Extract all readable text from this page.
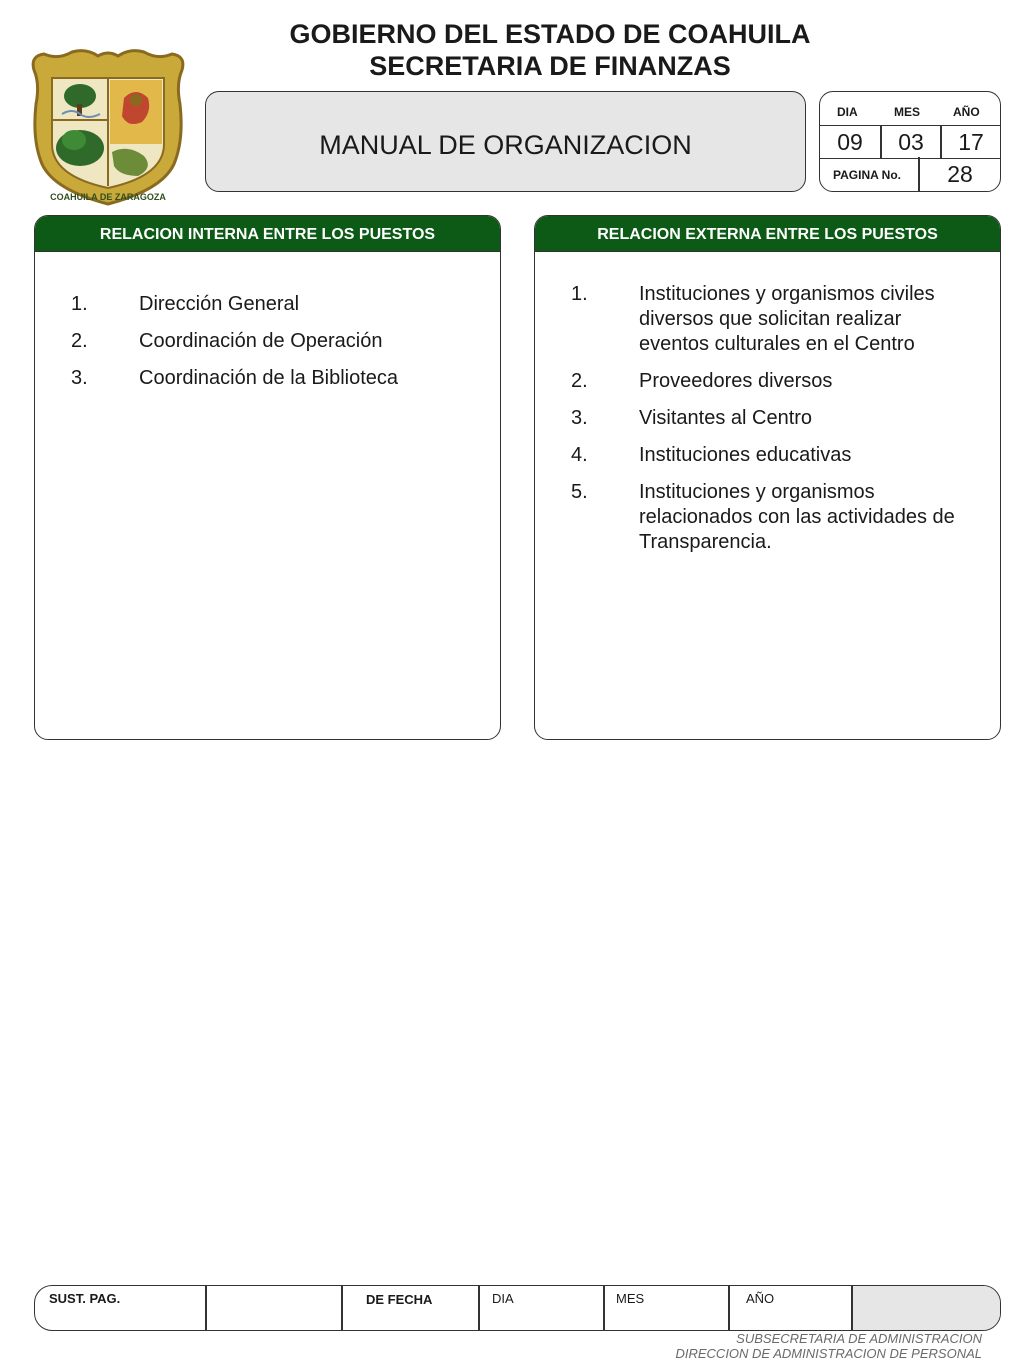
COAHUILA DE ZARAGOZA
GOBIERNO DEL ESTADO DE COAHUILA
SECRETARIA DE FINANZAS
MANUAL DE ORGANIZACION
DIA	MES	AÑO
09	03	17
PAGINA No.	28
RELACION INTERNA ENTRE LOS PUESTOS
1.	Dirección General
2.	Coordinación de Operación
3.	Coordinación de la Biblioteca
RELACION EXTERNA ENTRE LOS PUESTOS
1.	Instituciones y organismos civiles diversos que solicitan realizar eventos culturales en el Centro
2.	Proveedores diversos
3.	Visitantes al Centro
4.	Instituciones educativas
5.	Instituciones y organismos relacionados con las actividades de Transparencia.
SUST. PAG.	DE FECHA	DIA	MES	AÑO
SUBSECRETARIA DE ADMINISTRACION
DIRECCION DE ADMINISTRACION DE PERSONAL
